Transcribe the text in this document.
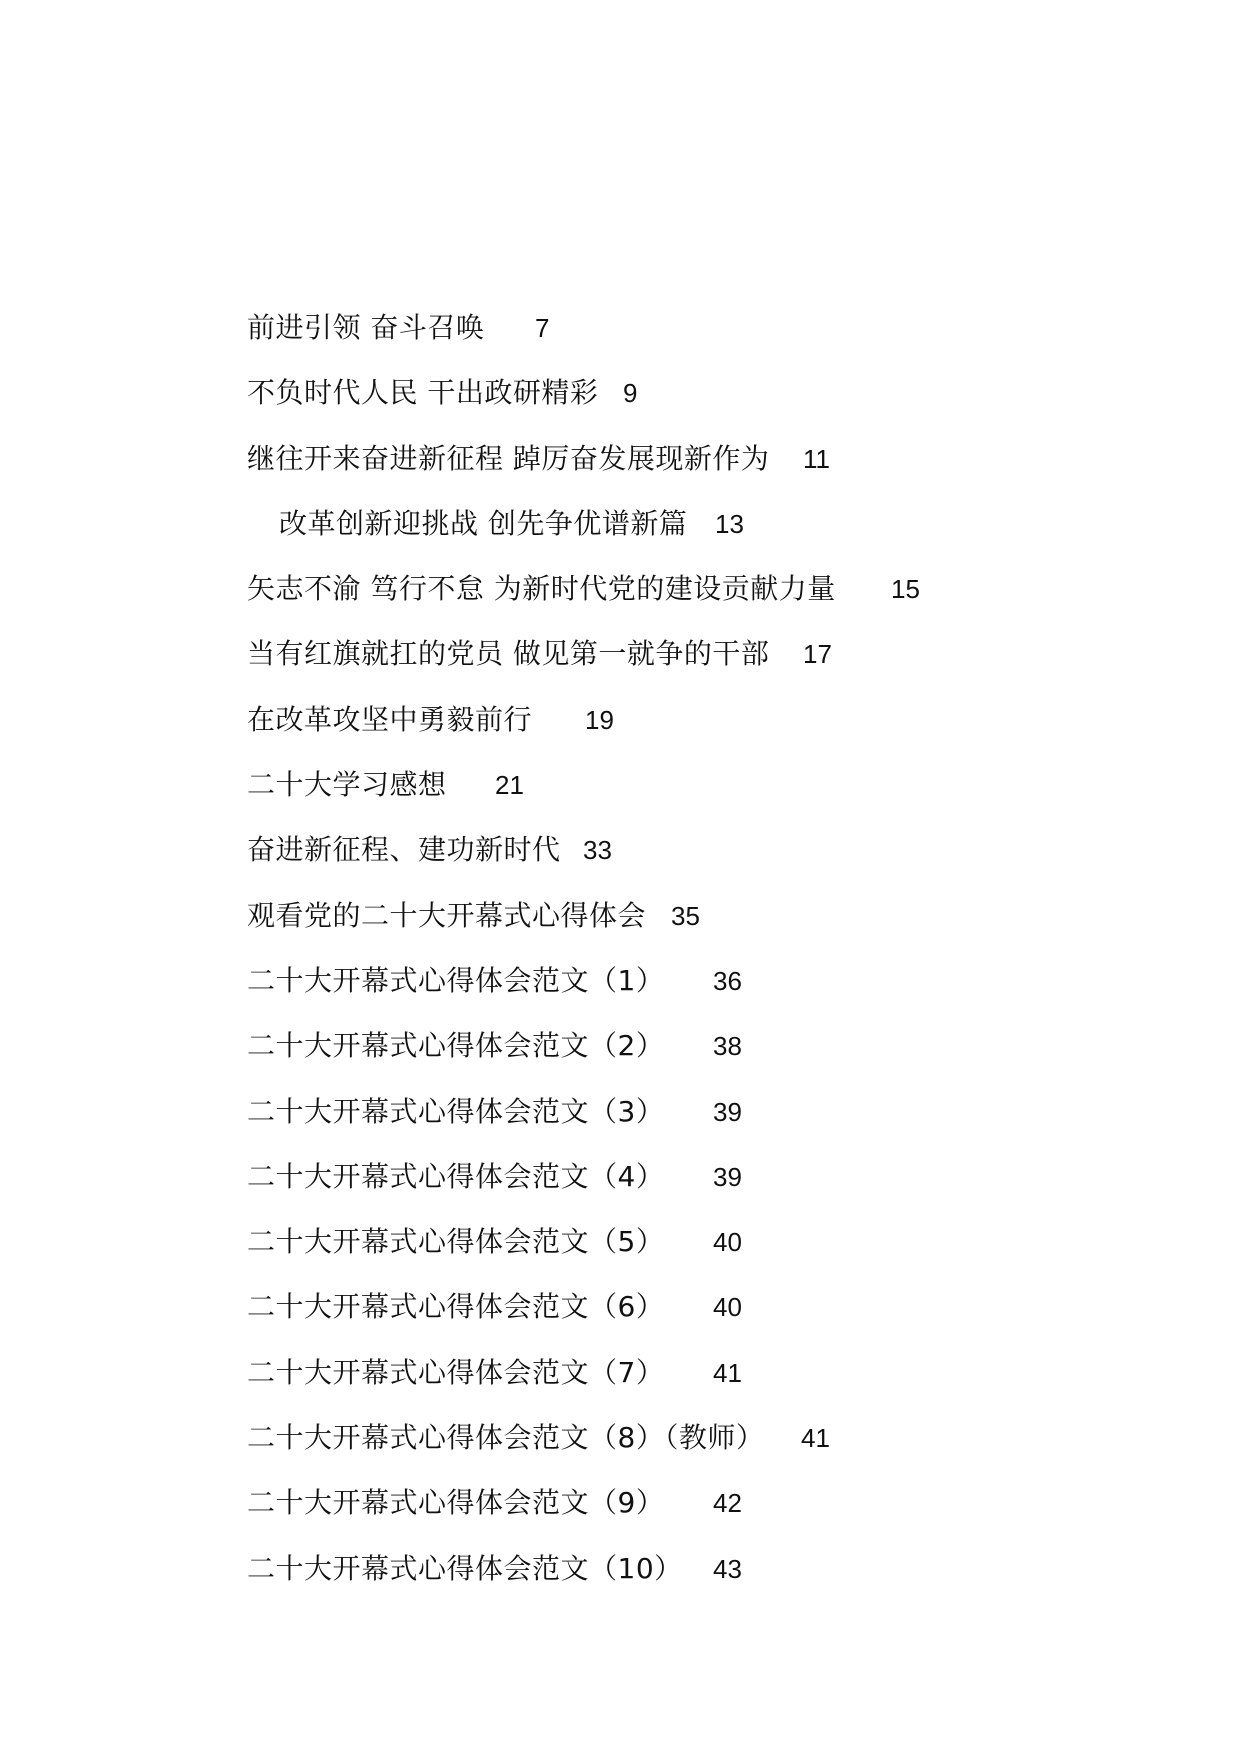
前进引领 奋斗召唤 7
不负时代人民 干出政研精彩 9
继往开来奋进新征程 踔厉奋发展现新作为 11
改革创新迎挑战 创先争优谱新篇 13
矢志不渝 笃行不怠 为新时代党的建设贡献力量 15
当有红旗就扛的党员 做见第一就争的干部 17
在改革攻坚中勇毅前行 19
二十大学习感想 21
奋进新征程、建功新时代 33
观看党的二十大开幕式心得体会 35
二十大开幕式心得体会范文（1） 36
二十大开幕式心得体会范文（2） 38
二十大开幕式心得体会范文（3） 39
二十大开幕式心得体会范文（4） 39
二十大开幕式心得体会范文（5） 40
二十大开幕式心得体会范文（6） 40
二十大开幕式心得体会范文（7） 41
二十大开幕式心得体会范文（8）（教师） 41
二十大开幕式心得体会范文（9） 42
二十大开幕式心得体会范文（10） 43
